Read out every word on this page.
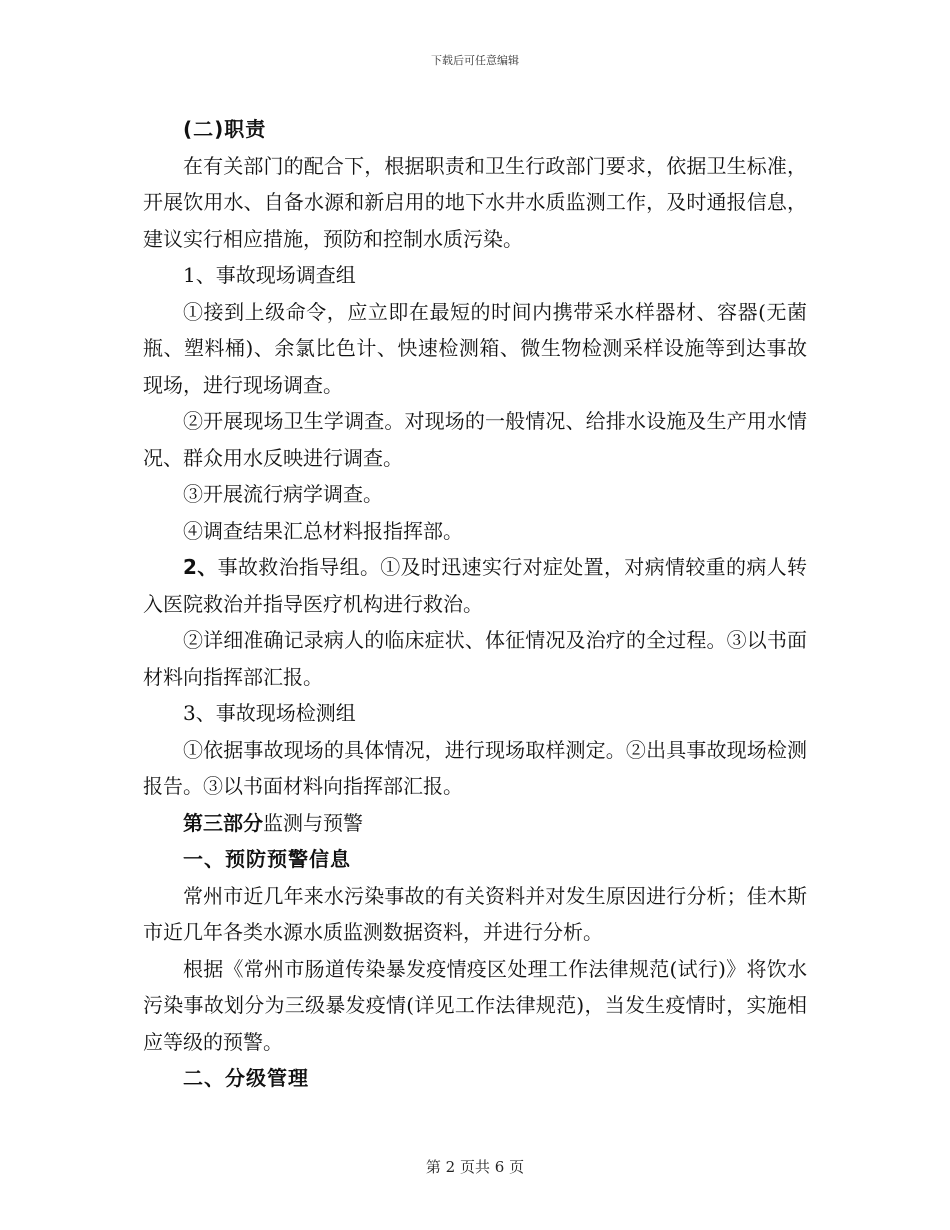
下载后可任意编辑

(二)职责

在有关部门的配合下，根据职责和卫生行政部门要求，依据卫生标准，开展饮用水、自备水源和新启用的地下水井水质监测工作，及时通报信息，建议实行相应措施，预防和控制水质污染。

1、事故现场调查组

①接到上级命令，应立即在最短的时间内携带采水样器材、容器(无菌瓶、塑料桶)、余氯比色计、快速检测箱、微生物检测采样设施等到达事故现场，进行现场调查。

②开展现场卫生学调查。对现场的一般情况、给排水设施及生产用水情况、群众用水反映进行调查。

③开展流行病学调查。

④调查结果汇总材料报指挥部。

2、事故救治指导组。①及时迅速实行对症处置，对病情较重的病人转入医院救治并指导医疗机构进行救治。

②详细准确记录病人的临床症状、体征情况及治疗的全过程。③以书面材料向指挥部汇报。

3、事故现场检测组

①依据事故现场的具体情况，进行现场取样测定。②出具事故现场检测报告。③以书面材料向指挥部汇报。

第三部分监测与预警

一、预防预警信息

常州市近几年来水污染事故的有关资料并对发生原因进行分析；佳木斯市近几年各类水源水质监测数据资料，并进行分析。

根据《常州市肠道传染暴发疫情疫区处理工作法律规范(试行)》将饮水污染事故划分为三级暴发疫情(详见工作法律规范)，当发生疫情时，实施相应等级的预警。

二、分级管理

第 2 页共 6 页
